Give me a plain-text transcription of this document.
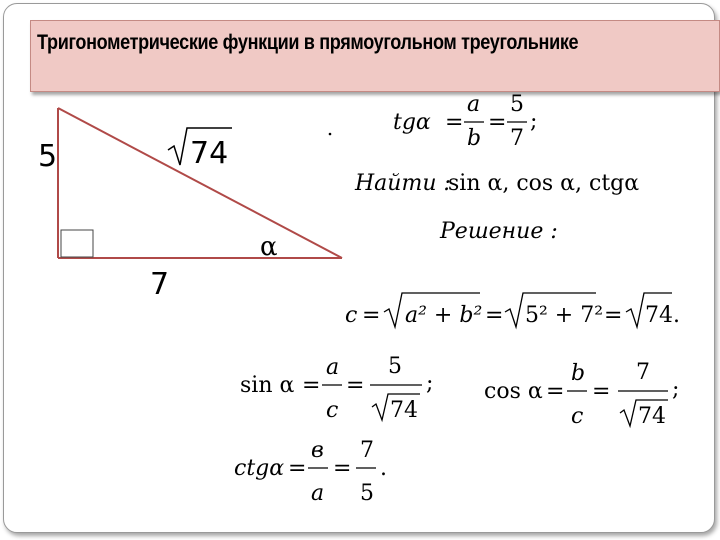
Тригонометрические функции в прямоугольном треугольнике
5
7
74
α
tgα =
a
b
=
5
7
;
Найти :
sin α, cos α, ctgα
Решение :
c = a² + b² = 5² + 7² = 74.
sin α =
a
c
=
5
74
; cos α =
b
c
=
7
74
;
ctgα =
в
a
=
7
5
.
